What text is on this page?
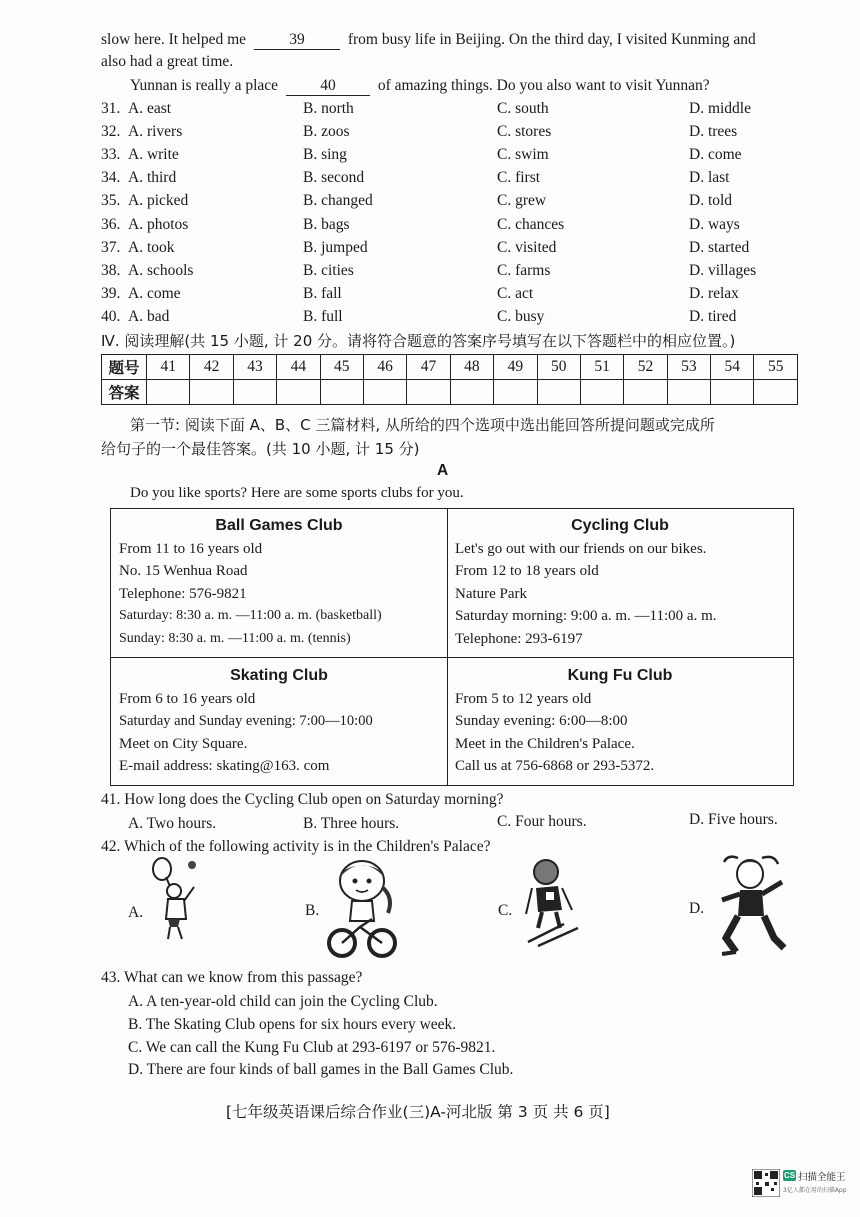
slow here. It helped me	39	from busy life in Beijing. On the third day, I visited Kunming and
also had a great time.
Yunnan is really a place	40	of amazing things. Do you also want to visit Yunnan?
31. A. east	B. north	C. south	D. middle
32. A. rivers	B. zoos	C. stores	D. trees
33. A. write	B. sing	C. swim	D. come
34. A. third	B. second	C. first	D. last
35. A. picked	B. changed	C. grew	D. told
36. A. photos	B. bags	C. chances	D. ways
37. A. took	B. jumped	C. visited	D. started
38. A. schools	B. cities	C. farms	D. villages
39. A. come	B. fall	C. act	D. relax
40. A. bad	B. full	C. busy	D. tired
Ⅳ. 阅读理解(共 15 小题, 计 20 分。请将符合题意的答案序号填写在以下答题栏中的相应位置。)
题号	41	42	43	44	45	46	47	48	49	50	51	52	53	54	55
答案															
第一节: 阅读下面 A、B、C 三篇材料, 从所给的四个选项中选出能回答所提问题或完成所
给句子的一个最佳答案。(共 10 小题, 计 15 分)
A
Do you like sports? Here are some sports clubs for you.
Ball Games Club
From 11 to 16 years old
No. 15 Wenhua Road
Telephone: 576-9821
Saturday: 8:30 a. m. —11:00 a. m. (basketball)
Sunday: 8:30 a. m. —11:00 a. m. (tennis)
Cycling Club
Let's go out with our friends on our bikes.
From 12 to 18 years old
Nature Park
Saturday morning: 9:00 a. m. —11:00 a. m.
Telephone: 293-6197
Skating Club
From 6 to 16 years old
Saturday and Sunday evening: 7:00—10:00
Meet on City Square.
E-mail address: skating@163. com
Kung Fu Club
From 5 to 12 years old
Sunday evening: 6:00—8:00
Meet in the Children's Palace.
Call us at 756-6868 or 293-5372.
41. How long does the Cycling Club open on Saturday morning?
A. Two hours.	B. Three hours.	C. Four hours.	D. Five hours.
42. Which of the following activity is in the Children's Palace?
A.	B.	C.	D.
43. What can we know from this passage?
A. A ten-year-old child can join the Cycling Club.
B. The Skating Club opens for six hours every week.
C. We can call the Kung Fu Club at 293-6197 or 576-9821.
D. There are four kinds of ball games in the Ball Games Club.
[七年级英语课后综合作业(三)A-河北版 第 3 页 共 6 页]
CS 扫描全能王
3亿人都在用的扫描App
